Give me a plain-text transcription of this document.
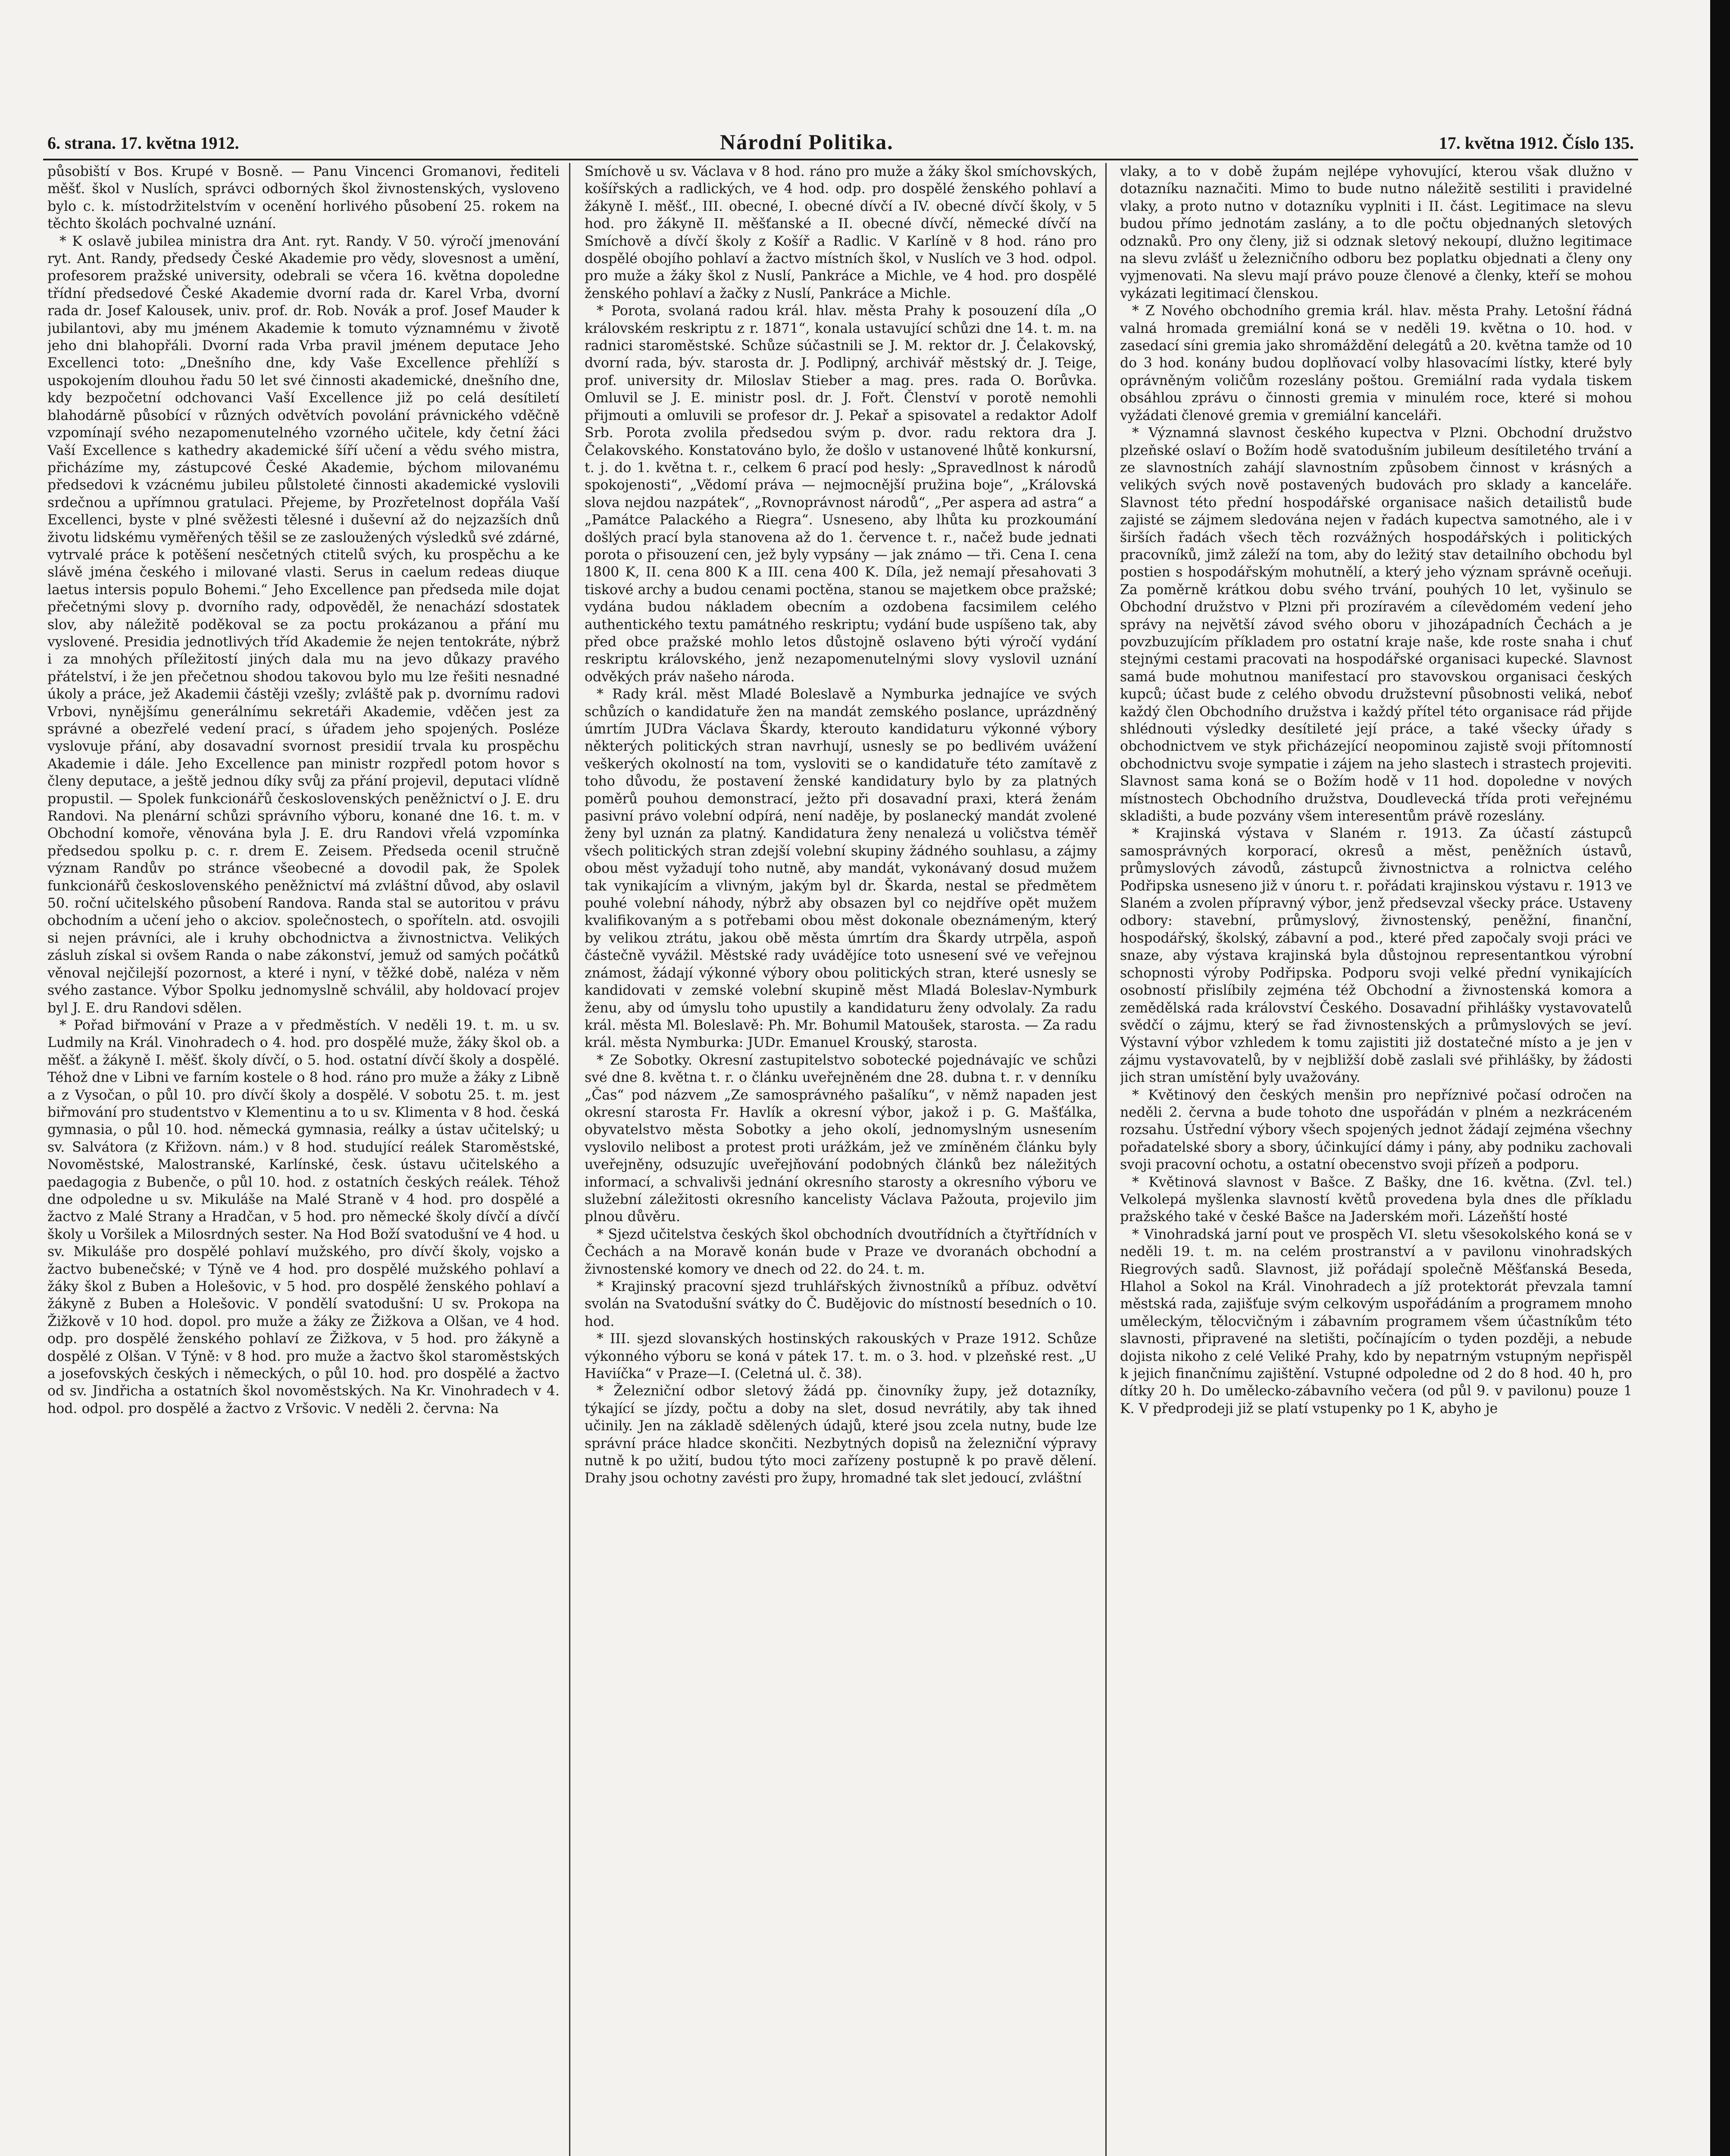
6. strana. 17. května 1912.	Národní Politika.	17. května 1912. Číslo 135.

působiští v Bos. Krupé v Bosně. — Panu Vincenci Gromanovi, řediteli měšť. škol v Nuslích, správci odborných škol živnostenských, vysloveno bylo c. k. místodržitelstvím v ocenění horlivého působení 25. rokem na těchto školách pochvalné uznání.

* K oslavě jubilea ministra dra Ant. ryt. Randy. V 50. výročí jmenování ryt. Ant. Randy, předsedy České Akademie pro vědy, slovesnost a umění, profesorem pražské university, odebrali se včera 16. května dopoledne třídní předsedové České Akademie dvorní rada dr. Karel Vrba, dvorní rada dr. Josef Kalousek, univ. prof. dr. Rob. Novák a prof. Josef Mauder k jubilantovi, aby mu jménem Akademie k tomuto významnému v životě jeho dni blahopřáli. Dvorní rada Vrba pravil jménem deputace Jeho Excellenci toto: „Dnešního dne, kdy Vaše Excellence přehlíží s uspokojením dlouhou řadu 50 let své činnosti akademické, dnešního dne, kdy bezpočetní odchovanci Vaší Excellence již po celá desítiletí blahodárně působící v různých odvětvích povolání právnického vděčně vzpomínají svého nezapomenutelného vzorného učitele, kdy četní žáci Vaší Excellence s kathedry akademické šíří učení a vědu svého mistra, přicházíme my, zástupcové České Akademie, býchom milovanému předsedovi k vzácnému jubileu půlstoleté činnosti akademické vyslovili srdečnou a upřímnou gratulaci. Přejeme, by Prozřetelnost dopřála Vaší Excellenci, byste v plné svěžesti tělesné i duševní až do nejzazších dnů životu lidskému vyměřených těšil se ze zasloužených výsledků své zdárné, vytrvalé práce k potěšení nesčetných ctitelů svých, ku prospěchu a ke slávě jména českého i milované vlasti. Serus in caelum redeas diuque laetus intersis populo Bohemi.“ Jeho Excellence pan předseda mile dojat přečetnými slovy p. dvorního rady, odpověděl, že nenachází sdostatek slov, aby náležitě poděkoval se za poctu prokázanou a přání mu vyslovené. Presidia jednotlivých tříd Akademie že nejen tentokráte, nýbrž i za mnohých příležitostí jiných dala mu na jevo důkazy pravého přátelství, i že jen přečetnou shodou takovou bylo mu lze řešiti nesnadné úkoly a práce, jež Akademii částěji vzešly; zvláště pak p. dvornímu radovi Vrbovi, nynějšímu generálnímu sekretáři Akademie, vděčen jest za správné a obezřelé vedení prací, s úřadem jeho spojených. Posléze vyslovuje přání, aby dosavadní svornost presidií trvala ku prospěchu Akademie i dále. Jeho Excellence pan ministr rozpředl potom hovor s členy deputace, a ještě jednou díky svůj za přání projevil, deputaci vlídně propustil. — Spolek funkcionářů československých peněžnictví o J. E. dru Randovi. Na plenární schůzi správního výboru, konané dne 16. t. m. v Obchodní komoře, věnována byla J. E. dru Randovi vřelá vzpomínka předsedou spolku p. c. r. drem E. Zeisem. Předseda ocenil stručně význam Randův po stránce všeobecné a dovodil pak, že Spolek funkcionářů československého peněžnictví má zvláštní důvod, aby oslavil 50. roční učitelského působení Randova. Randa stal se autoritou v právu obchodním a učení jeho o akciov. společnostech, o spoříteln. atd. osvojili si nejen právníci, ale i kruhy obchodnictva a živnostnictva. Velikých zásluh získal si ovšem Randa o nabe zákonství, jemuž od samých počátků věnoval nejčilejší pozornost, a které i nyní, v těžké době, naléza v něm svého zastance. Výbor Spolku jednomyslně schválil, aby holdovací projev byl J. E. dru Randovi sdělen.

* Pořad biřmování v Praze a v předměstích. V neděli 19. t. m. u sv. Ludmily na Král. Vinohradech o 4. hod. pro dospělé muže, žáky škol ob. a měšť. a žákyně I. měšť. školy dívčí, o 5. hod. ostatní dívčí školy a dospělé. Téhož dne v Libni ve farním kostele o 8 hod. ráno pro muže a žáky z Libně a z Vysočan, o půl 10. pro dívčí školy a dospělé. V sobotu 25. t. m. jest biřmování pro studentstvo v Klementinu a to u sv. Klimenta v 8 hod. česká gymnasia, o půl 10. hod. německá gymnasia, reálky a ústav učitelský; u sv. Salvátora (z Křižovn. nám.) v 8 hod. studující reálek Staroměstské, Novoměstské, Malostranské, Karlínské, česk. ústavu učitelského a paedagogia z Bubenče, o půl 10. hod. z ostatních českých reálek. Téhož dne odpoledne u sv. Mikuláše na Malé Straně v 4 hod. pro dospělé a žactvo z Malé Strany a Hradčan, v 5 hod. pro německé školy dívčí a dívčí školy u Voršilek a Milosrdných sester. Na Hod Boží svatodušní ve 4 hod. u sv. Mikuláše pro dospělé pohlaví mužského, pro dívčí školy, vojsko a žactvo bubenečské; v Týně ve 4 hod. pro dospělé mužského pohlaví a žáky škol z Buben a Holešovic, v 5 hod. pro dospělé ženského pohlaví a žákyně z Buben a Holešovic. V pondělí svatodušní: U sv. Prokopa na Žižkově v 10 hod. dopol. pro muže a žáky ze Žižkova a Olšan, ve 4 hod. odp. pro dospělé ženského pohlaví ze Žižkova, v 5 hod. pro žákyně a dospělé z Olšan. V Týně: v 8 hod. pro muže a žactvo škol staroměstských a josefovských českých i německých, o půl 10. hod. pro dospělé a žactvo od sv. Jindřicha a ostatních škol novoměstských. Na Kr. Vinohradech v 4. hod. odpol. pro dospělé a žactvo z Vršovic. V neděli 2. června: Na

Smíchově u sv. Václava v 8 hod. ráno pro muže a žáky škol smíchovských, košířských a radlických, ve 4 hod. odp. pro dospělé ženského pohlaví a žákyně I. měšť., III. obecné, I. obecné dívčí a IV. obecné dívčí školy, v 5 hod. pro žákyně II. měšťanské a II. obecné dívčí, německé dívčí na Smíchově a dívčí školy z Košíř a Radlic. V Karlíně v 8 hod. ráno pro dospělé obojího pohlaví a žactvo místních škol, v Nuslích ve 3 hod. odpol. pro muže a žáky škol z Nuslí, Pankráce a Michle, ve 4 hod. pro dospělé ženského pohlaví a žačky z Nuslí, Pankráce a Michle.

* Porota, svolaná radou král. hlav. města Prahy k posouzení díla „O královském reskriptu z r. 1871“, konala ustavující schůzi dne 14. t. m. na radnici staroměstské. Schůze súčastnili se J. M. rektor dr. J. Čelakovský, dvorní rada, býv. starosta dr. J. Podlipný, archivář městský dr. J. Teige, prof. university dr. Miloslav Stieber a mag. pres. rada O. Borůvka. Omluvil se J. E. ministr posl. dr. J. Fořt. Členství v porotě nemohli přijmouti a omluvili se profesor dr. J. Pekař a spisovatel a redaktor Adolf Srb. Porota zvolila předsedou svým p. dvor. radu rektora dra J. Čelakovského. Konstatováno bylo, že došlo v ustanovené lhůtě konkursní, t. j. do 1. května t. r., celkem 6 prací pod hesly: „Spravedlnost k národů spokojenosti“, „Vědomí práva — nejmocnější pružina boje“, „Královská slova nejdou nazpátek“, „Rovnoprávnost národů“, „Per aspera ad astra“ a „Památce Palackého a Riegra“. Usneseno, aby lhůta ku prozkoumání došlých prací byla stanovena až do 1. července t. r., načež bude jednati porota o přisouzení cen, jež byly vypsány — jak známo — tři. Cena I. cena 1800 K, II. cena 800 K a III. cena 400 K. Díla, jež nemají přesahovati 3 tiskové archy a budou cenami poctěna, stanou se majetkem obce pražské; vydána budou nákladem obecním a ozdobena facsimilem celého authentického textu památného reskriptu; vydání bude uspíšeno tak, aby před obce pražské mohlo letos důstojně oslaveno býti výročí vydání reskriptu královského, jenž nezapomenutelnými slovy vyslovil uznání odvěkých práv našeho národa.

* Rady král. měst Mladé Boleslavě a Nymburka jednajíce ve svých schůzích o kandidatuře žen na mandát zemského poslance, uprázdněný úmrtím JUDra Václava Škardy, kterouto kandidaturu výkonné výbory některých politických stran navrhují, usnesly se po bedlivém uvážení veškerých okolností na tom, vysloviti se o kandidatuře této zamítavě z toho důvodu, že postavení ženské kandidatury bylo by za platných poměrů pouhou demonstrací, ježto při dosavadní praxi, která ženám pasivní právo volební odpírá, není naděje, by poslanecký mandát zvolené ženy byl uznán za platný. Kandidatura ženy nenalezá u voličstva téměř všech politických stran zdejší volební skupiny žádného souhlasu, a zájmy obou měst vyžadují toho nutně, aby mandát, vykonávaný dosud mužem tak vynikajícím a vlivným, jakým byl dr. Škarda, nestal se předmětem pouhé volební náhody, nýbrž aby obsazen byl co nejdříve opět mužem kvalifikovaným a s potřebami obou měst dokonale obeznámeným, který by velikou ztrátu, jakou obě města úmrtím dra Škardy utrpěla, aspoň částečně vyvážil. Městské rady uvádějíce toto usnesení své ve veřejnou známost, žádají výkonné výbory obou politických stran, které usnesly se kandidovati v zemské volební skupině měst Mladá Boleslav-Nymburk ženu, aby od úmyslu toho upustily a kandidaturu ženy odvolaly. Za radu král. města Ml. Boleslavě: Ph. Mr. Bohumil Matoušek, starosta. — Za radu král. města Nymburka: JUDr. Emanuel Krouský, starosta.

* Ze Sobotky. Okresní zastupitelstvo sobotecké pojednávajíc ve schůzi své dne 8. května t. r. o článku uveřejněném dne 28. dubna t. r. v denníku „Čas“ pod názvem „Ze samosprávného pašalíku“, v němž napaden jest okresní starosta Fr. Havlík a okresní výbor, jakož i p. G. Mašťálka, obyvatelstvo města Sobotky a jeho okolí, jednomyslným usnesením vyslovilo nelibost a protest proti urážkám, jež ve zmíněném článku byly uveřejněny, odsuzujíc uveřejňování podobných článků bez náležitých informací, a schvalivši jednání okresního starosty a okresního výboru ve služební záležitosti okresního kancelisty Václava Pažouta, projevilo jim plnou důvěru.

* Sjezd učitelstva českých škol obchodních dvoutřídních a čtyřtřídních v Čechách a na Moravě konán bude v Praze ve dvoranách obchodní a živnostenské komory ve dnech od 22. do 24. t. m.

* Krajinský pracovní sjezd truhlářských živnostníků a příbuz. odvětví svolán na Svatodušní svátky do Č. Budějovic do místností besedních o 10. hod.

* III. sjezd slovanských hostinských rakouských v Praze 1912. Schůze výkonného výboru se koná v pátek 17. t. m. o 3. hod. v plzeňské rest. „U Haviíčka“ v Praze—I. (Celetná ul. č. 38).

* Železniční odbor sletový žádá pp. činovníky župy, jež dotazníky, týkající se jízdy, počtu a doby na slet, dosud nevrátily, aby tak ihned učinily. Jen na základě sdělených údajů, které jsou zcela nutny, bude lze správní práce hladce skončiti. Nezbytných dopisů na železniční výpravy nutně k po užití, budou týto moci zařízeny postupně k po pravě dělení. Drahy jsou ochotny zavésti pro župy, hromadné tak slet jedoucí, zvláštní

vlaky, a to v době župám nejlépe vyhovující, kterou však dlužno v dotazníku naznačiti. Mimo to bude nutno náležitě sestiliti i pravidelné vlaky, a proto nutno v dotazníku vyplniti i II. část. Legitimace na slevu budou přímo jednotám zaslány, a to dle počtu objednaných sletových odznaků. Pro ony členy, již si odznak sletový nekoupí, dlužno legitimace na slevu zvlášť u železničního odboru bez poplatku objednati a členy ony vyjmenovati. Na slevu mají právo pouze členové a členky, kteří se mohou vykázati legitimací členskou.

* Z Nového obchodního gremia král. hlav. města Prahy. Letošní řádná valná hromada gremiální koná se v neděli 19. května o 10. hod. v zasedací síni gremia jako shromáždění delegátů a 20. května tamže od 10 do 3 hod. konány budou doplňovací volby hlasovacími lístky, které byly oprávněným voličům rozeslány poštou. Gremiální rada vydala tiskem obsáhlou zprávu o činnosti gremia v minulém roce, které si mohou vyžádati členové gremia v gremiální kanceláři.

* Významná slavnost českého kupectva v Plzni. Obchodní družstvo plzeňské oslaví o Božím hodě svatodušním jubileum desítiletého trvání a ze slavnostních zahájí slavnostním způsobem činnost v krásných a velikých svých nově postavených budovách pro sklady a kanceláře. Slavnost této přední hospodářské organisace našich detailistů bude zajisté se zájmem sledována nejen v řadách kupectva samotného, ale i v širších řadách všech těch rozvážných hospodářských i politických pracovníků, jimž záleží na tom, aby do ležitý stav detailního obchodu byl postien s hospodářským mohutnělí, a který jeho význam správně oceňuji. Za poměrně krátkou dobu svého trvání, pouhých 10 let, vyšinulo se Obchodní družstvo v Plzni při prozíravém a cílevědomém vedení jeho správy na největší závod svého oboru v jihozápadních Čechách a je povzbuzujícím příkladem pro ostatní kraje naše, kde roste snaha i chuť stejnými cestami pracovati na hospodářské organisaci kupecké. Slavnost samá bude mohutnou manifestací pro stavovskou organisaci českých kupců; účast bude z celého obvodu družstevní působnosti veliká, neboť každý člen Obchodního družstva i každý přítel této organisace rád přijde shlédnouti výsledky desítileté její práce, a také všecky úřady s obchodnictvem ve styk přicházející neopominou zajistě svoji přítomností obchodnictvu svoje sympatie i zájem na jeho slastech i strastech projeviti. Slavnost sama koná se o Božím hodě v 11 hod. dopoledne v nových místnostech Obchodního družstva, Doudlevecká třída proti veřejnému skladišti, a bude pozvány všem interesentům právě rozeslány.

* Krajinská výstava v Slaném r. 1913. Za účastí zástupců samosprávných korporací, okresů a měst, peněžních ústavů, průmyslových závodů, zástupců živnostnictva a rolnictva celého Podřipska usneseno již v únoru t. r. pořádati krajinskou výstavu r. 1913 ve Slaném a zvolen přípravný výbor, jenž předsevzal všecky práce. Ustaveny odbory: stavební, průmyslový, živnostenský, peněžní, finanční, hospodářský, školský, zábavní a pod., které před započaly svoji práci ve snaze, aby výstava krajinská byla důstojnou representantkou výrobní schopnosti výroby Podřipska. Podporu svoji velké přední vynikajících osobností přislíbily zejména též Obchodní a živnostenská komora a zemědělská rada království Českého. Dosavadní přihlášky vystavovatelů svědčí o zájmu, který se řad živnostenských a průmyslových se jeví. Výstavní výbor vzhledem k tomu zajistiti již dostatečné místo a je jen v zájmu vystavovatelů, by v nejbližší době zaslali své přihlášky, by žádosti jich stran umístění byly uvažovány.

* Květinový den českých menšin pro nepříznivé počasí odročen na neděli 2. června a bude tohoto dne uspořádán v plném a nezkráceném rozsahu. Ústřední výbory všech spojených jednot žádají zejména všechny pořadatelské sbory a sbory, účinkující dámy i pány, aby podniku zachovali svoji pracovní ochotu, a ostatní obecenstvo svoji přízeň a podporu.

* Květinová slavnost v Bašce. Z Bašky, dne 16. května. (Zvl. tel.) Velkolepá myšlenka slavností květů provedena byla dnes dle příkladu pražského také v české Bašce na Jaderském moři. Lázeňští hosté

* Vinohradská jarní pout ve prospěch VI. sletu všesokolského koná se v neděli 19. t. m. na celém prostranství a v pavilonu vinohradských Riegrových sadů. Slavnost, již pořádají společně Měšťanská Beseda, Hlahol a Sokol na Král. Vinohradech a jíž protektorát převzala tamní městská rada, zajišťuje svým celkovým uspořádáním a programem mnoho uměleckým, tělocvičným i zábavním programem všem účastníkům této slavnosti, připravené na sletišti, počínajícím o tyden později, a nebude dojista nikoho z celé Veliké Prahy, kdo by nepatrným vstupným nepřispěl k jejich finančnímu zajištění. Vstupné odpoledne od 2 do 8 hod. 40 h, pro dítky 20 h. Do umělecko-zábavního večera (od půl 9. v pavilonu) pouze 1 K. V předprodeji již se platí vstupenky po 1 K, abyho je
